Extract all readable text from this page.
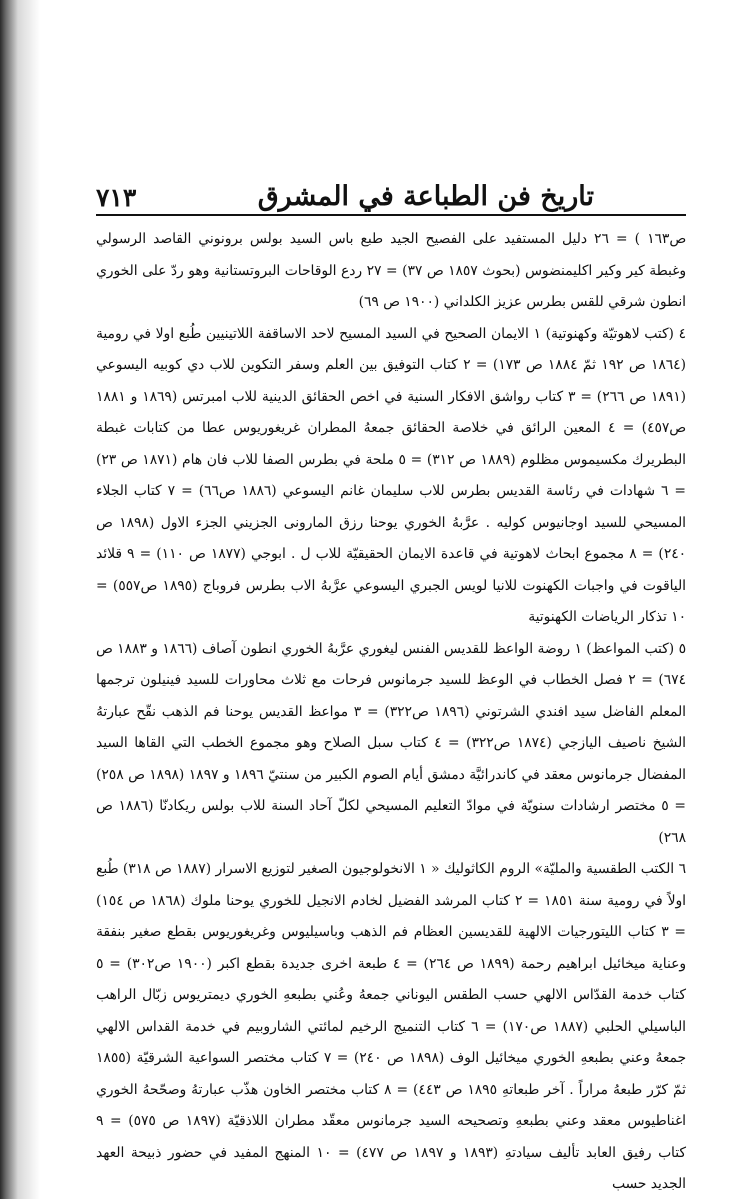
تاريخ فن الطباعة في المشرق
٧١٣

ص١٦٣ ) = ٢٦ دليل المستفيد على الفصيح الجيد طبع باس السيد بولس برونوني القاصد الرسولي وغبطة كير وكير اكليمنضوس (بحوث ١٨٥٧ ص ٣٧) = ٢٧ ردع الوقاحات البروتستانية وهو ردّ على الخوري انطون شرقي للقس بطرس عزيز الكلداني (١٩٠٠ ص ٦٩)

٤ (كتب لاهوتيّة وكهنوتية) ١ الايمان الصحيح في السيد المسيح لاحد الاساقفة اللاتينيين طُبع اولا في رومية (١٨٦٤ ص ١٩٢ ثمّ ١٨٨٤ ص ١٧٣) = ٢ كتاب التوفيق بين العلم وسفر التكوين للاب دي كوبيه اليسوعي (١٨٩١ ص ٢٦٦) = ٣ كتاب رواشق الافكار السنية في اخص الحقائق الدينية للاب امبرتس (١٨٦٩ و ١٨٨١ ص٤٥٧) = ٤ المعين الرائق في خلاصة الحقائق جمعهُ المطران غريغوريوس عطا من كتابات غبطة البطريرك مكسيموس مظلوم (١٨٨٩ ص ٣١٢) = ٥ ملحة في بطرس الصفا للاب فان هام (١٨٧١ ص ٢٣) = ٦ شهادات في رئاسة القديس بطرس للاب سليمان غانم اليسوعي (١٨٨٦ ص٦٦) = ٧ كتاب الجلاء المسيحي للسيد اوجانيوس كوليه . عرَّبهُ الخوري يوحنا رزق المارونى الجزيني الجزء الاول (١٨٩٨ ص ٢٤٠) = ٨ مجموع ابحاث لاهوتية في قاعدة الايمان الحقيقيّة للاب ل . ابوجي (١٨٧٧ ص ١١٠) = ٩ قلائد الياقوت في واجبات الكهنوت للانيا لويس الجبري اليسوعي عرَّبهُ الاب بطرس فروباج (١٨٩٥ ص٥٥٧) = ١٠ تذكار الرياضات الكهنوتية

٥ (كتب المواعظ) ١ روضة الواعظ للقديس الفنس ليغوري عرَّبهُ الخوري انطون آصاف (١٨٦٦ و ١٨٨٣ ص ٦٧٤) = ٢ فصل الخطاب في الوعظ للسيد جرمانوس فرحات مع ثلاث محاورات للسيد فينيلون ترجمها المعلم الفاضل سيد افندي الشرتوني (١٨٩٦ ص٣٢٢) = ٣ مواعظ القديس يوحنا فم الذهب نقّح عبارتهُ الشيخ ناصيف اليازجي (١٨٧٤ ص٣٢٢) = ٤ كتاب سبل الصلاح وهو مجموع الخطب التي القاها السيد المفضال جرمانوس معقد في كاندرائيَّة دمشق أيام الصوم الكبير من سنتيّ ١٨٩٦ و ١٨٩٧ (١٨٩٨ ص ٢٥٨) = ٥ مختصر ارشادات سنويّة في موادّ التعليم المسيحي لكلّ آحاد السنة للاب بولس ريكادنّا (١٨٨٦ ص ٢٦٨)

٦ الكتب الطقسية والمليّة» الروم الكاثوليك « ١ الانخولوجيون الصغير لتوزيع الاسرار (١٨٨٧ ص ٣١٨) طُبع اولاً في رومية سنة ١٨٥١ = ٢ كتاب المرشد الفضيل لخادم الانجيل للخوري يوحنا ملوك (١٨٦٨ ص ١٥٤) = ٣ كتاب الليتورجيات الالهية للقديسين العظام فم الذهب وباسيليوس وغريغوريوس بقطع صغير بنفقة وعناية ميخائيل ابراهيم رحمة (١٨٩٩ ص ٢٦٤) = ٤ طبعة اخرى جديدة بقطع اكبر (١٩٠٠ ص٣٠٢) = ٥ كتاب خدمة القدّاس الالهي حسب الطقس اليوناني جمعهُ وعُني بطبعهِ الخوري ديمتريوس زبّال الراهب الباسيلي الحلبي (١٨٨٧ ص١٧٠) = ٦ كتاب التنميج الرخيم لمائتي الشاروبيم في خدمة القداس الالهي جمعهُ وعني بطبعهِ الخوري ميخائيل الوف (١٨٩٨ ص ٢٤٠) = ٧ كتاب مختصر السواعية الشرقيّة (١٨٥٥ ثمّ كرّر طبعهُ مراراً . آخر طبعاتهِ ١٨٩٥ ص ٤٤٣) = ٨ كتاب مختصر الخاون هذّب عبارتهُ وصحّحهُ الخوري اغناطيوس معقد وعني بطبعهِ وتصحيحه السيد جرمانوس معقّد مطران اللاذقيّة (١٨٩٧ ص ٥٧٥) = ٩ كتاب رفيق العابد تأليف سيادتهِ (١٨٩٣ و ١٨٩٧ ص ٤٧٧) = ١٠ المنهج المفيد في حضور ذبيحة العهد الجديد حسب
